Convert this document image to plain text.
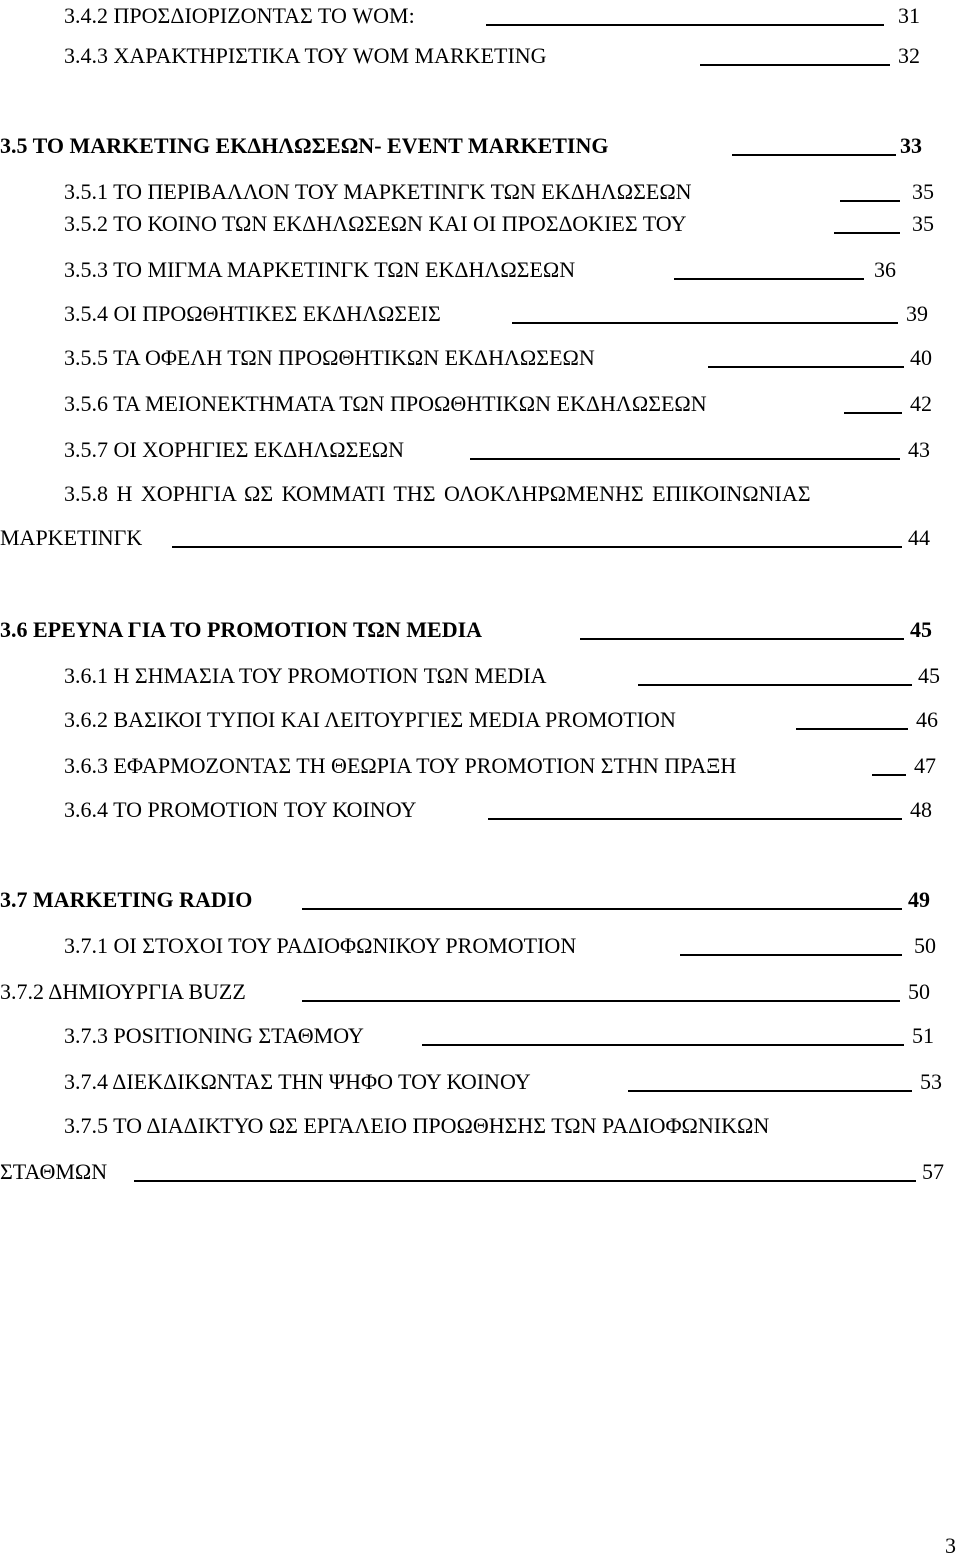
3.4.2 ΠΡΟΣΔΙΟΡΙΖΟΝΤΑΣ ΤΟ WOM:	31
3.4.3 ΧΑΡΑΚΤΗΡΙΣΤΙΚΑ ΤΟΥ WOM MARKETING	32
3.5 ΤΟ MARKETING ΕΚΔΗΛΩΣΕΩΝ- EVENT MARKETING	33
3.5.1 ΤΟ ΠΕΡΙΒΑΛΛΟΝ ΤΟΥ ΜΑΡΚΕΤΙΝΓΚ ΤΩΝ ΕΚΔΗΛΩΣΕΩΝ	35
3.5.2 ΤΟ ΚΟΙΝΟ ΤΩΝ ΕΚΔΗΛΩΣΕΩΝ ΚΑΙ ΟΙ ΠΡΟΣΔΟΚΙΕΣ ΤΟΥ	35
3.5.3 ΤΟ ΜΙΓΜΑ ΜΑΡΚΕΤΙΝΓΚ ΤΩΝ ΕΚΔΗΛΩΣΕΩΝ	36
3.5.4 ΟΙ ΠΡΟΩΘΗΤΙΚΕΣ ΕΚΔΗΛΩΣΕΙΣ	39
3.5.5 ΤΑ ΟΦΕΛΗ ΤΩΝ ΠΡΟΩΘΗΤΙΚΩΝ ΕΚΔΗΛΩΣΕΩΝ	40
3.5.6 ΤΑ ΜΕΙΟΝΕΚΤΗΜΑΤΑ ΤΩΝ ΠΡΟΩΘΗΤΙΚΩΝ ΕΚΔΗΛΩΣΕΩΝ	42
3.5.7 ΟΙ ΧΟΡΗΓΙΕΣ ΕΚΔΗΛΩΣΕΩΝ	43
3.5.8 Η ΧΟΡΗΓΙΑ ΩΣ ΚΟΜΜΑΤΙ ΤΗΣ ΟΛΟΚΛΗΡΩΜΕΝΗΣ ΕΠΙΚΟΙΝΩΝΙΑΣ
ΜΑΡΚΕΤΙΝΓΚ	44
3.6 ΕΡΕΥΝΑ ΓΙΑ ΤΟ PROMOTION ΤΩΝ MEDIA	45
3.6.1 Η ΣΗΜΑΣΙΑ ΤΟΥ PROMOTION ΤΩΝ MEDIA	45
3.6.2 ΒΑΣΙΚΟΙ ΤΥΠΟΙ ΚΑΙ ΛΕΙΤΟΥΡΓΙΕΣ MEDIA PROMOTION	46
3.6.3 ΕΦΑΡΜΟΖΟΝΤΑΣ ΤΗ ΘΕΩΡΙΑ ΤΟΥ PROMOTION ΣΤΗΝ ΠΡΑΞΗ	47
3.6.4 ΤΟ PROMOTION ΤΟΥ ΚΟΙΝΟΥ	48
3.7 MARKETING RADIO	49
3.7.1 ΟΙ ΣΤΟΧΟΙ ΤΟΥ ΡΑΔΙΟΦΩΝΙΚΟΥ PROMOTION	50
3.7.2 ΔΗΜΙΟΥΡΓΙΑ BUZZ	50
3.7.3 POSITIONING ΣΤΑΘΜΟΥ	51
3.7.4 ΔΙΕΚΔΙΚΩΝΤΑΣ ΤΗΝ ΨΗΦΟ ΤΟΥ ΚΟΙΝΟΥ	53
3.7.5 ΤΟ ΔΙΑΔΙΚΤΥΟ ΩΣ ΕΡΓΑΛΕΙΟ ΠΡΟΩΘΗΣΗΣ ΤΩΝ ΡΑΔΙΟΦΩΝΙΚΩΝ
ΣΤΑΘΜΩΝ	57
3
